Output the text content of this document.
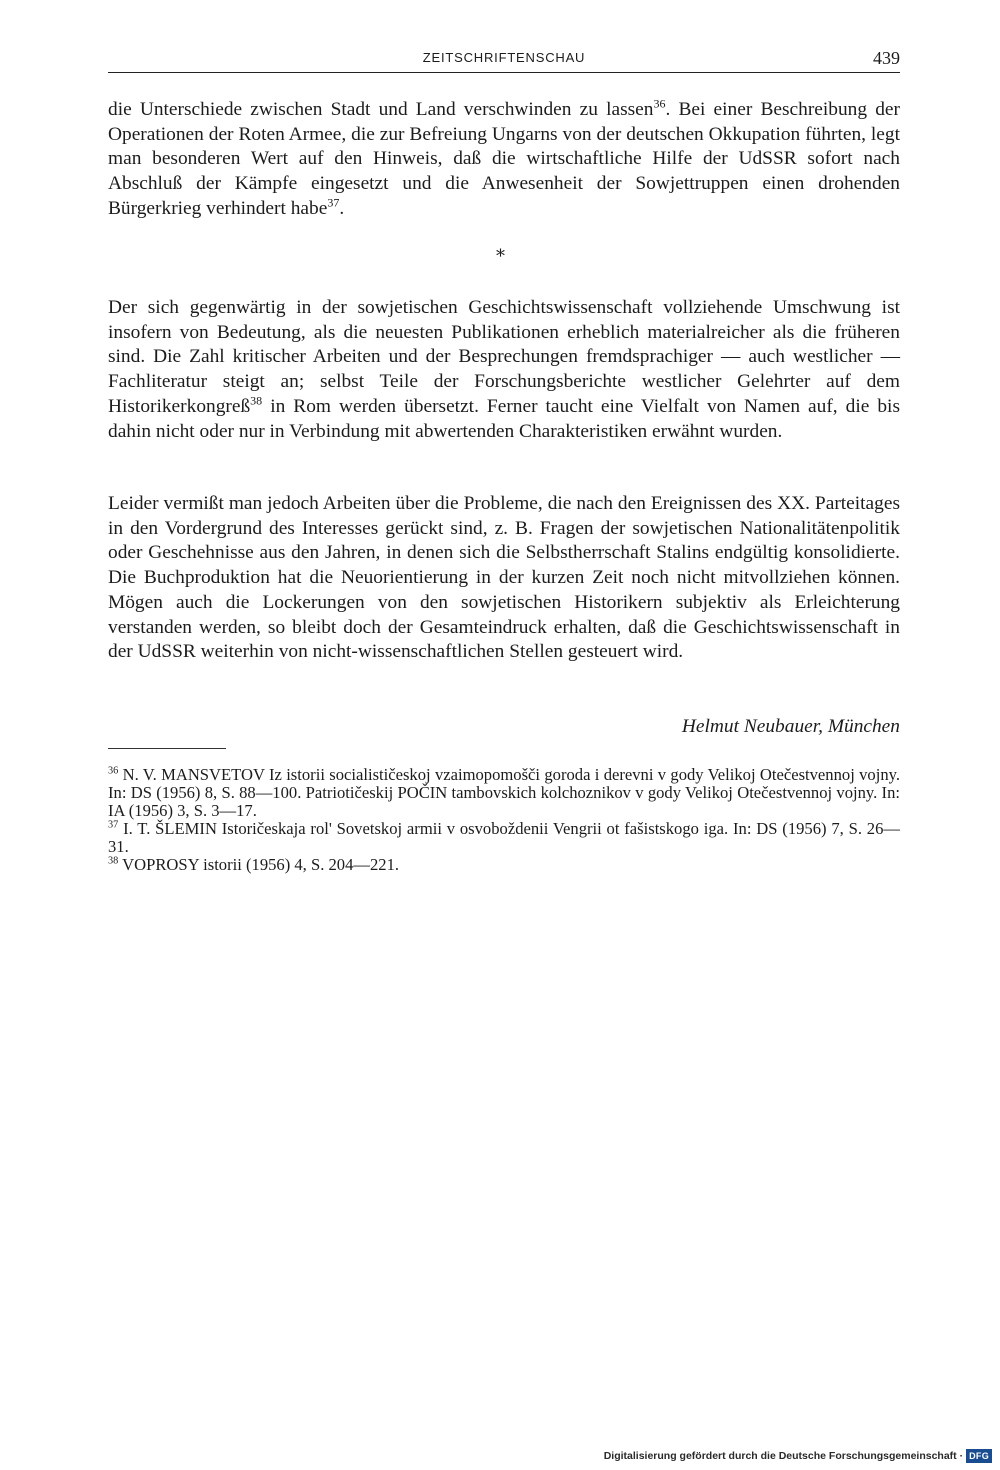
ZEITSCHRIFTENSCHAU	439

die Unterschiede zwischen Stadt und Land verschwinden zu lassen$^{36}$. Bei einer Beschreibung der Operationen der Roten Armee, die zur Befreiung Ungarns von der deutschen Okkupation führten, legt man besonderen Wert auf den Hinweis, daß die wirtschaftliche Hilfe der UdSSR sofort nach Abschluß der Kämpfe eingesetzt und die Anwesenheit der Sowjettruppen einen drohenden Bürgerkrieg verhindert habe$^{37}$.

*

Der sich gegenwärtig in der sowjetischen Geschichtswissenschaft vollziehende Umschwung ist insofern von Bedeutung, als die neuesten Publikationen erheblich materialreicher als die früheren sind. Die Zahl kritischer Arbeiten und der Besprechungen fremdsprachiger — auch westlicher — Fachliteratur steigt an; selbst Teile der Forschungsberichte westlicher Gelehrter auf dem Historikerkongreß$^{38}$ in Rom werden übersetzt. Ferner taucht eine Vielfalt von Namen auf, die bis dahin nicht oder nur in Verbindung mit abwertenden Charakteristiken erwähnt wurden.

Leider vermißt man jedoch Arbeiten über die Probleme, die nach den Ereignissen des XX. Parteitages in den Vordergrund des Interesses gerückt sind, z. B. Fragen der sowjetischen Nationalitätenpolitik oder Geschehnisse aus den Jahren, in denen sich die Selbstherrschaft Stalins endgültig konsolidierte. Die Buchproduktion hat die Neuorientierung in der kurzen Zeit noch nicht mitvollziehen können. Mögen auch die Lockerungen von den sowjetischen Historikern subjektiv als Erleichterung verstanden werden, so bleibt doch der Gesamteindruck erhalten, daß die Geschichtswissenschaft in der UdSSR weiterhin von nicht-wissenschaftlichen Stellen gesteuert wird.

Helmut Neubauer, München

$^{36}$ N. V. MANSVETOV Iz istorii socialističeskoj vzaimopomošči goroda i derevni v gody Velikoj Otečestvennoj vojny. In: DS (1956) 8, S. 88—100. Patriotičeskij POČIN tambovskich kolchoznikov v gody Velikoj Otečestvennoj vojny. In: IA (1956) 3, S. 3—17.

$^{37}$ I. T. ŠLEMIN Istoričeskaja rol' Sovetskoj armii v osvoboždenii Vengrii ot fašistskogo iga. In: DS (1956) 7, S. 26—31.

$^{38}$ VOPROSY istorii (1956) 4, S. 204—221.

Digitalisierung gefördert durch die Deutsche Forschungsgemeinschaft · DFG
